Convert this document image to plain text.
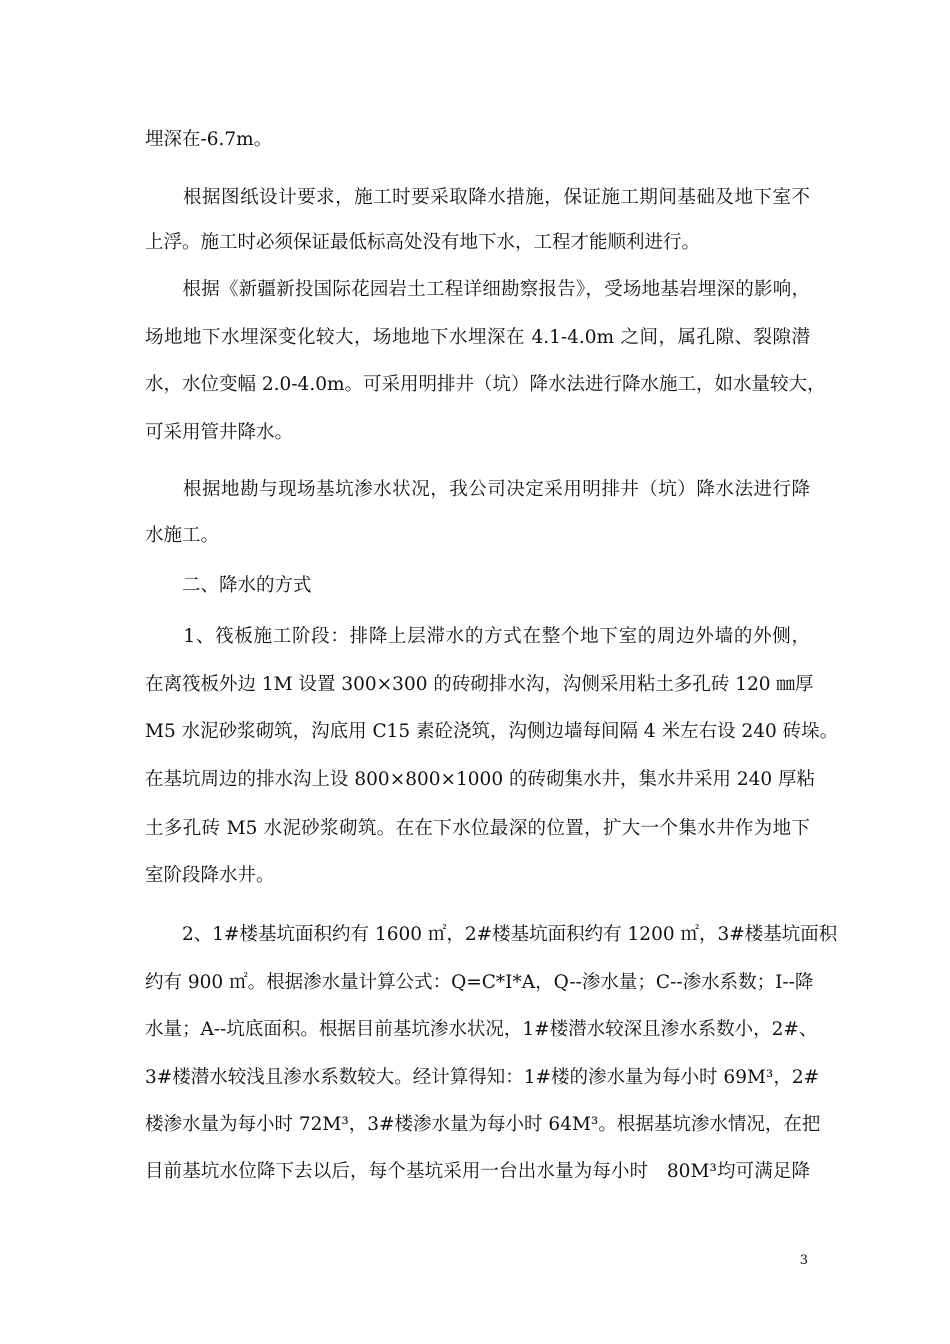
埋深在-6.7m。
　　根据图纸设计要求，施工时要采取降水措施，保证施工期间基础及地下室不
上浮。施工时必须保证最低标高处没有地下水，工程才能顺利进行。
　　根据《新疆新投国际花园岩土工程详细勘察报告》，受场地基岩埋深的影响，
场地地下水埋深变化较大，场地地下水埋深在 4.1-4.0m 之间，属孔隙、裂隙潜
水，水位变幅 2.0-4.0m。可采用明排井（坑）降水法进行降水施工，如水量较大，
可采用管井降水。
　　根据地勘与现场基坑渗水状况，我公司决定采用明排井（坑）降水法进行降
水施工。
　　二、降水的方式
　　1、筏板施工阶段：排降上层滞水的方式在整个地下室的周边外墙的外侧，
在离筏板外边 1M 设置 300×300 的砖砌排水沟，沟侧采用粘土多孔砖 120 ㎜厚
M5 水泥砂浆砌筑，沟底用 C15 素砼浇筑，沟侧边墙每间隔 4 米左右设 240 砖垛。
在基坑周边的排水沟上设 800×800×1000 的砖砌集水井，集水井采用 240 厚粘
土多孔砖 M5 水泥砂浆砌筑。在在下水位最深的位置，扩大一个集水井作为地下
室阶段降水井。
　　2、1#楼基坑面积约有 1600 ㎡，2#楼基坑面积约有 1200 ㎡，3#楼基坑面积
约有 900 ㎡。根据渗水量计算公式：Q=C*I*A，Q--渗水量；C--渗水系数；I--降
水量；A--坑底面积。根据目前基坑渗水状况，1#楼潜水较深且渗水系数小，2#、
3#楼潜水较浅且渗水系数较大。经计算得知：1#楼的渗水量为每小时 69M³，2#
楼渗水量为每小时 72M³，3#楼渗水量为每小时 64M³。根据基坑渗水情况，在把
目前基坑水位降下去以后，每个基坑采用一台出水量为每小时　80M³均可满足降
3
